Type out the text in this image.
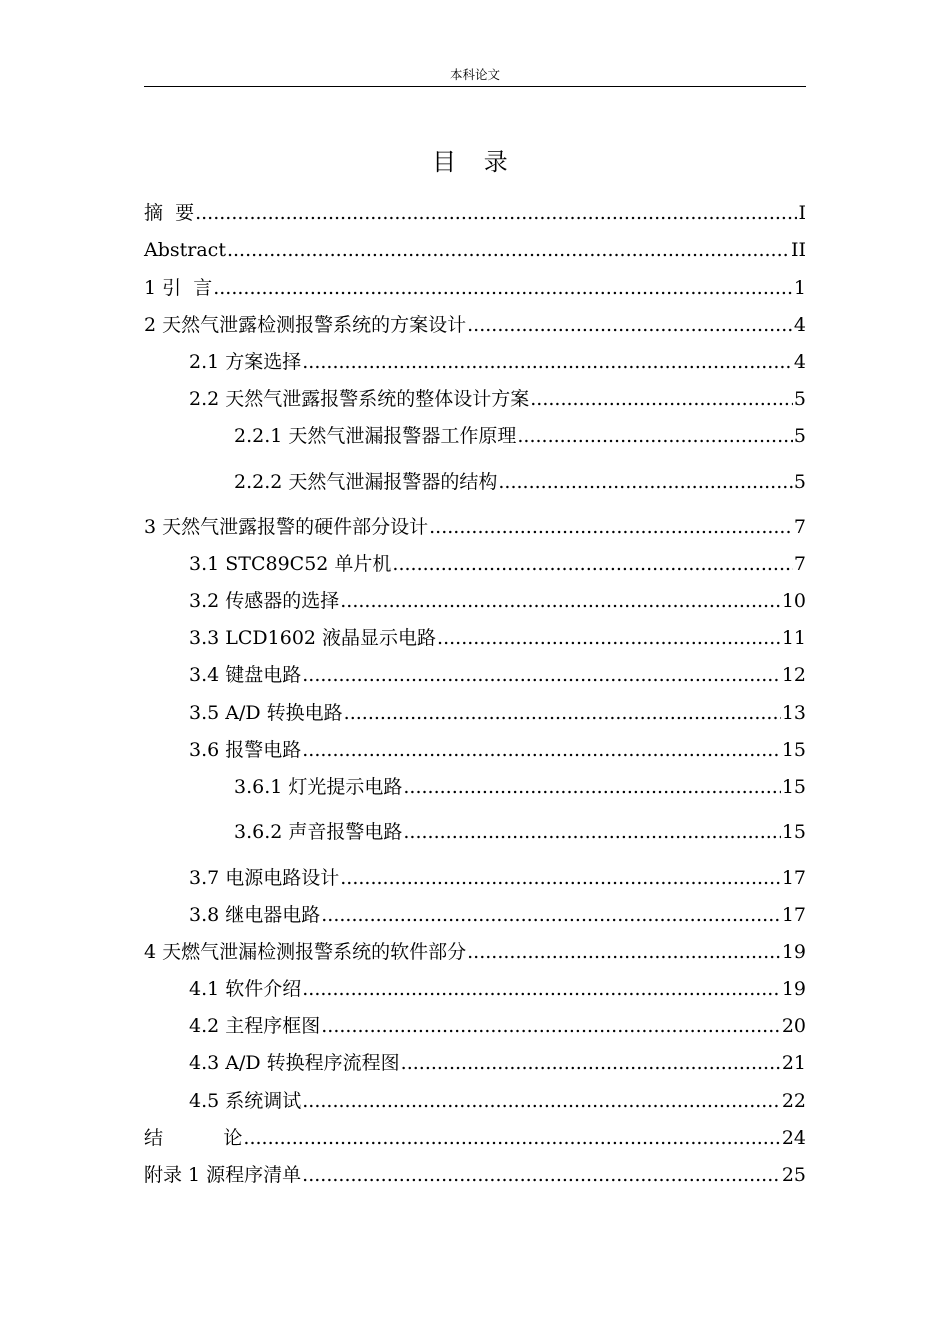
本科论文
目 录
摘  要 .....	I
Abstract .....	II
1 引  言 .....	1
2 天然气泄露检测报警系统的方案设计 .....	4
2.1 方案选择 .....	4
2.2 天然气泄露报警系统的整体设计方案 .....	5
2.2.1 天然气泄漏报警器工作原理 .....	5
2.2.2 天然气泄漏报警器的结构 .....	5
3 天然气泄露报警的硬件部分设计 .....	7
3.1 STC89C52 单片机 .....	7
3.2 传感器的选择 .....	10
3.3 LCD1602 液晶显示电路 .....	11
3.4 键盘电路 .....	12
3.5 A/D 转换电路 .....	13
3.6 报警电路 .....	15
3.6.1 灯光提示电路 .....	15
3.6.2 声音报警电路 .....	15
3.7 电源电路设计 .....	17
3.8 继电器电路 .....	17
4 天燃气泄漏检测报警系统的软件部分 .....	19
4.1 软件介绍 .....	19
4.2 主程序框图 .....	20
4.3 A/D 转换程序流程图 .....	21
4.5 系统调试 .....	22
结          论 .....	24
附录 1 源程序清单 .....	25
